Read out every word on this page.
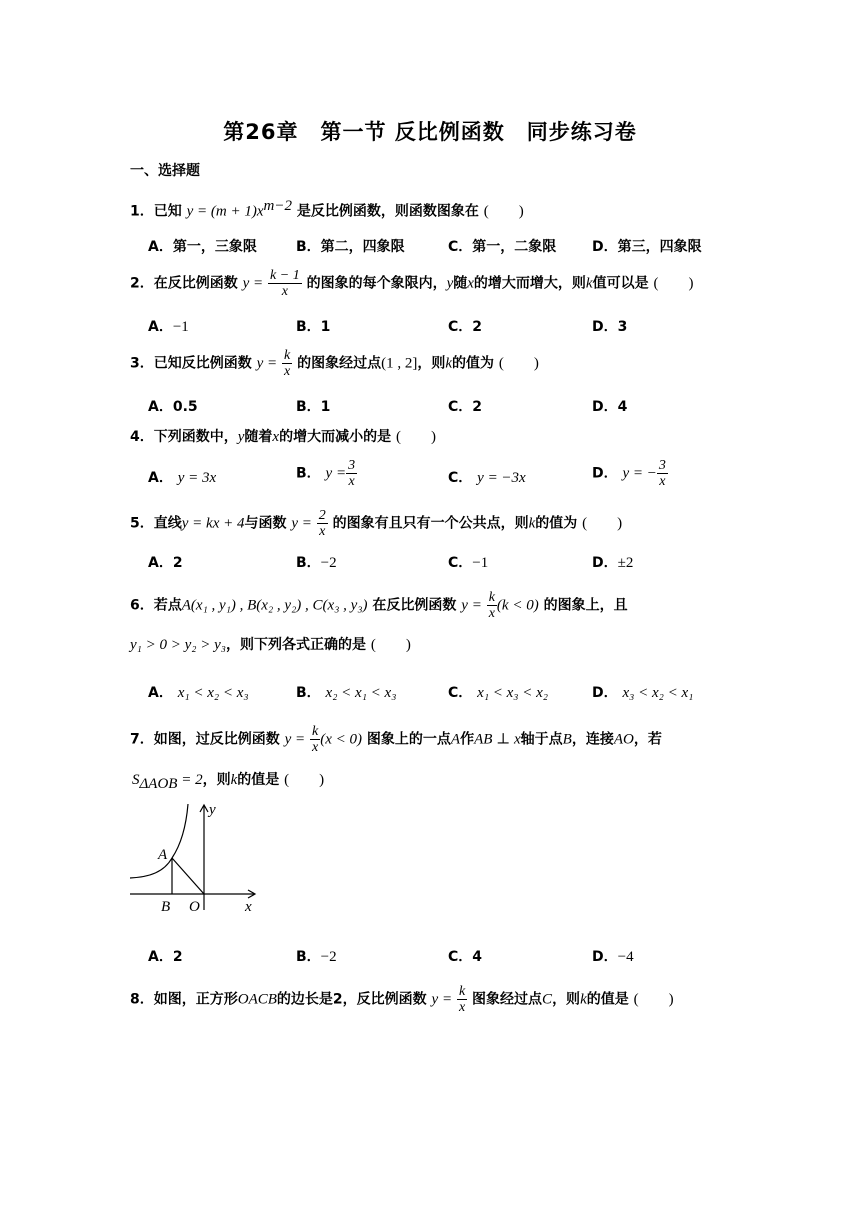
第26章　第一节 反比例函数　同步练习卷
一、选择题
1．已知 $y = (m + 1)x^{m-2}$ 是反比例函数，则函数图象在 (　　)
A．第一，三象限	B．第二，四象限	C．第一，二象限	D．第三，四象限
2．在反比例函数 $y = \frac{k - 1}{x}$ 的图象的每个象限内，y随x的增大而增大，则k值可以是 (　　)
A．−1	B．1	C．2	D．3
3．已知反比例函数 $y = \frac{k}{x}$ 的图象经过点(1 , 2]，则k的值为 (　　)
A．0.5	B．1	C．2	D．4
4．下列函数中，y随着x的增大而减小的是 (　　)
A． y = 3x	B． $y = \frac{3}{x}$	C． y = −3x	D． y = − $\frac{3}{x}$
5．直线y = kx + 4与函数 $y = \frac{2}{x}$ 的图象有且只有一个公共点，则k的值为 (　　)
A．2	B．−2	C．−1	D．±2
6．若点A(x₁ , y₁) , B(x₂ , y₂) , C(x₃ , y₃) 在反比例函数 $y = \frac{k}{x} (k < 0)$ 的图象上，且
y₁ > 0 > y₂ > y₃，则下列各式正确的是 (　　)
A． x₁ < x₂ < x₃	B． x₂ < x₁ < x₃	C． x₁ < x₃ < x₂	D． x₃ < x₂ < x₁
7．如图，过反比例函数 $y = \frac{k}{x} (x < 0)$ 图象上的一点A作AB ⊥ x轴于点B，连接AO，若
$S_{\Delta AOB} = 2$，则k的值是 (　　)
A
B O
y
x
A．2	B．−2	C．4	D．−4
8．如图，正方形OACB的边长是2，反比例函数 $y = \frac{k}{x}$ 图象经过点C，则k的值是 (　　)
